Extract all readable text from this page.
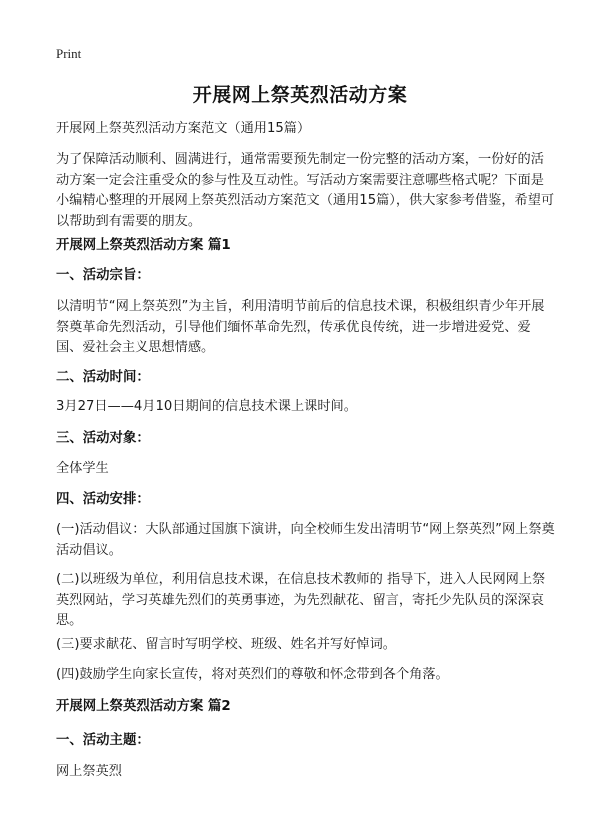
Print
开展网上祭英烈活动方案
开展网上祭英烈活动方案范文（通用15篇）
为了保障活动顺利、圆满进行，通常需要预先制定一份完整的活动方案，一份好的活动方案一定会注重受众的参与性及互动性。写活动方案需要注意哪些格式呢？下面是小编精心整理的开展网上祭英烈活动方案范文（通用15篇），供大家参考借鉴，希望可以帮助到有需要的朋友。
开展网上祭英烈活动方案 篇1
一、活动宗旨：
以清明节“网上祭英烈”为主旨，利用清明节前后的信息技术课，积极组织青少年开展祭奠革命先烈活动，引导他们缅怀革命先烈，传承优良传统，进一步增进爱党、爱国、爱社会主义思想情感。
二、活动时间：
3月27日——4月10日期间的信息技术课上课时间。
三、活动对象：
全体学生
四、活动安排：
(一)活动倡议：大队部通过国旗下演讲，向全校师生发出清明节“网上祭英烈”网上祭奠活动倡议。
(二)以班级为单位，利用信息技术课，在信息技术教师的 指导下，进入人民网网上祭英烈网站，学习英雄先烈们的英勇事迹，为先烈献花、留言，寄托少先队员的深深哀思。
(三)要求献花、留言时写明学校、班级、姓名并写好悼词。
(四)鼓励学生向家长宣传，将对英烈们的尊敬和怀念带到各个角落。
开展网上祭英烈活动方案 篇2
一、活动主题：
网上祭英烈
